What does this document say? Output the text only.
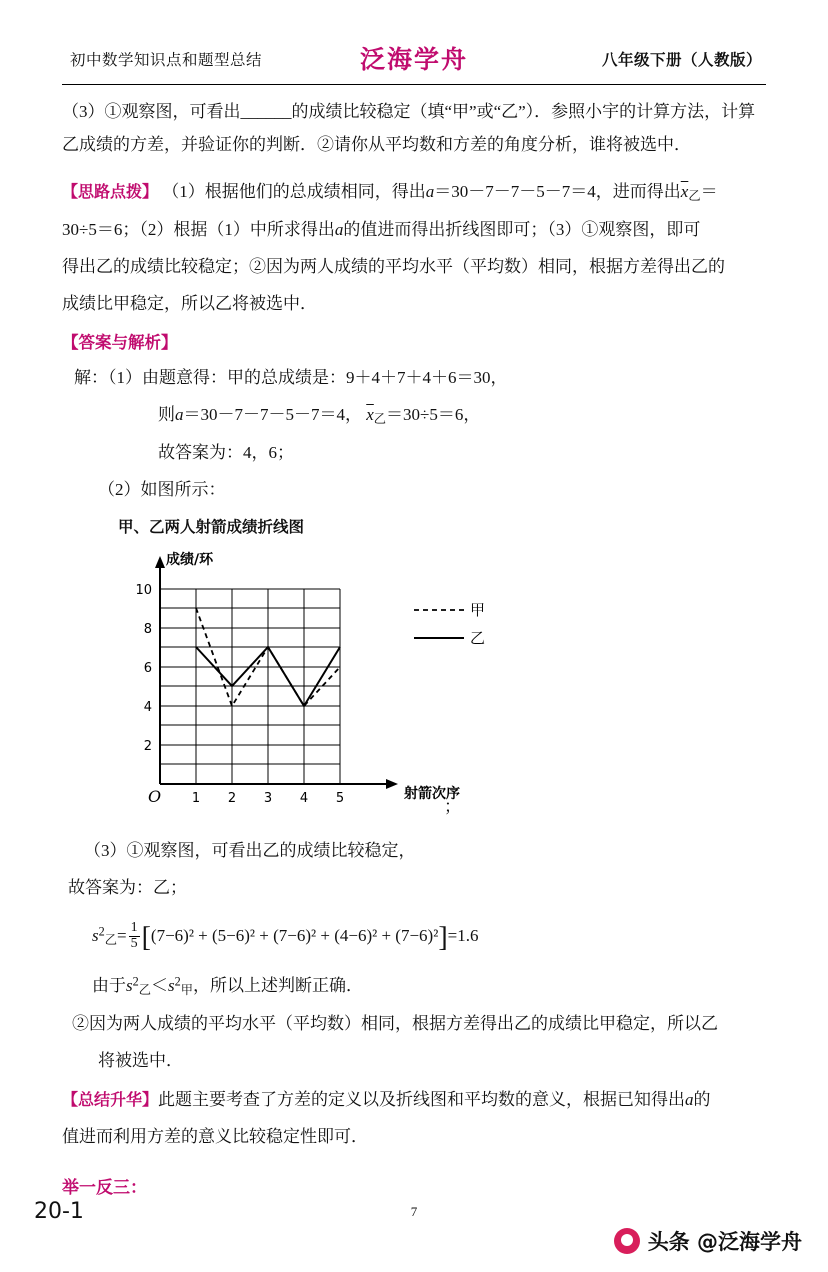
初中数学知识点和题型总结	泛海学舟	八年级下册（人教版）

（3）①观察图，可看出______的成绩比较稳定（填“甲”或“乙”）．参照小宇的计算方法，计算乙成绩的方差，并验证你的判断．②请你从平均数和方差的角度分析，谁将被选中．

【思路点拨】 （1）根据他们的总成绩相同，得出a＝30－7－7－5－7＝4，进而得出$\overline{x}_乙=$

30÷5＝6；（2）根据（1）中所求得出a的值进而得出折线图即可；（3）①观察图，即可

得出乙的成绩比较稳定；②因为两人成绩的平均水平（平均数）相同，根据方差得出乙的

成绩比甲稳定，所以乙将被选中．

【答案与解析】

解：（1）由题意得：甲的总成绩是：9＋4＋7＋4＋6＝30，

则a＝30－7－7－5－7＝4， $\overline{x}_乙=30\div 5=6$，

故答案为：4，6；

（2）如图所示：

甲、乙两人射箭成绩折线图
10
8
6
4
2
1 2 3 4 5
O
成绩/环
射箭次序
甲
乙
；

（3）①观察图，可看出乙的成绩比较稳定，

故答案为：乙；

$s^2_乙= \frac{1}{5} [(7-6)^2 + (5-6)^2 + (7-6)^2 + (4-6)^2 + (7-6)^2]=1.6$

由于$s^2_乙<s^2_甲$，所以上述判断正确．

②因为两人成绩的平均水平（平均数）相同，根据方差得出乙的成绩比甲稳定，所以乙

将被选中．

【总结升华】此题主要考查了方差的定义以及折线图和平均数的意义，根据已知得出a的

值进而利用方差的意义比较稳定性即可．

举一反三：

20-1	7
头条 @泛海学舟
